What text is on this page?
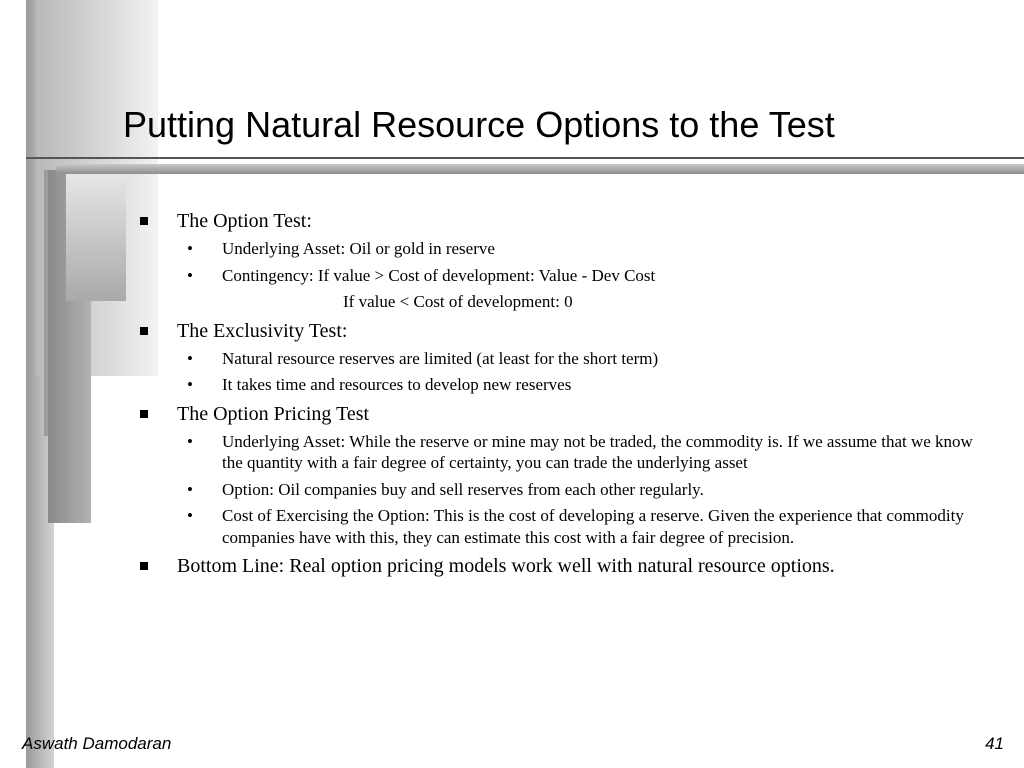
Putting Natural Resource Options to the Test
The Option Test:
• Underlying Asset: Oil or gold in reserve
• Contingency: If value > Cost of development: Value - Dev Cost
If value < Cost of development: 0
The Exclusivity Test:
• Natural resource reserves are limited (at least for the short term)
• It takes time and resources to develop new reserves
The Option Pricing Test
• Underlying Asset: While the reserve or mine may not be traded, the commodity is. If we assume that we know the quantity with a fair degree of certainty, you can trade the underlying asset
• Option: Oil companies buy and sell reserves from each other regularly.
• Cost of Exercising the Option: This is the cost of developing a reserve. Given the experience that commodity companies have with this, they can estimate this cost with a fair degree of precision.
Bottom Line: Real option pricing models work well with natural resource options.
Aswath Damodaran	41
